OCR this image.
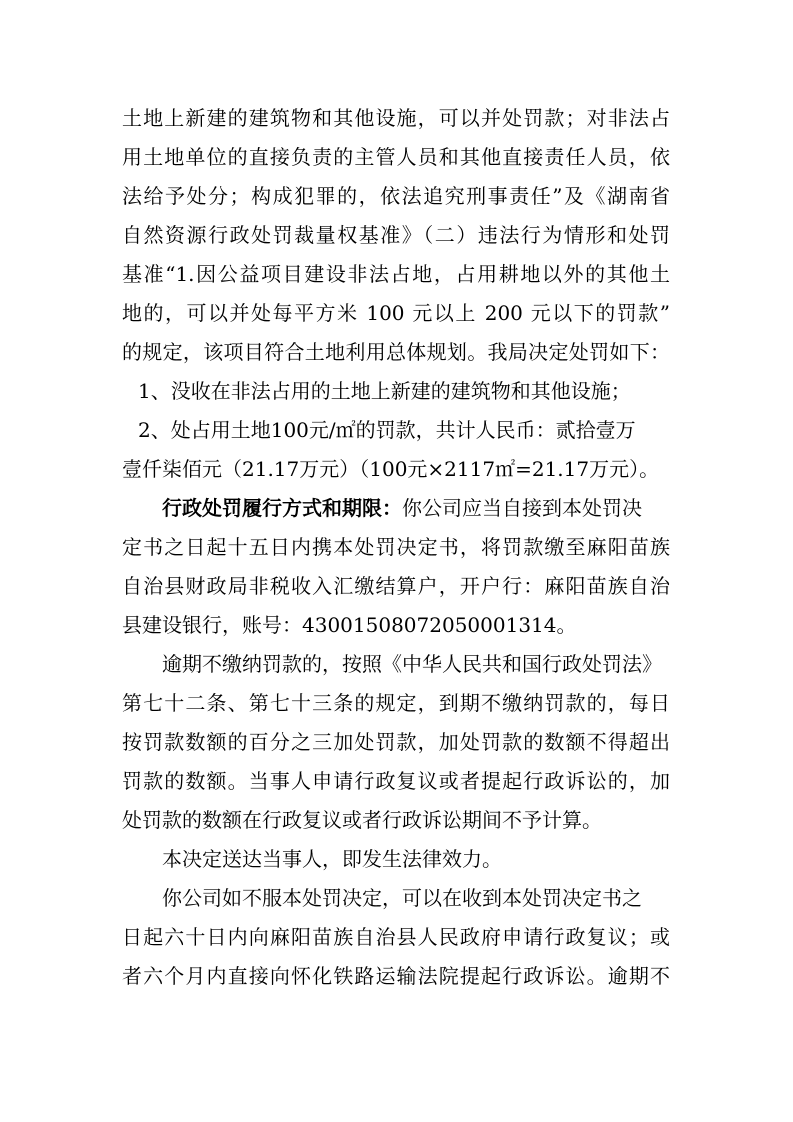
土地上新建的建筑物和其他设施，可以并处罚款；对非法占

用土地单位的直接负责的主管人员和其他直接责任人员，依

法给予处分；构成犯罪的，依法追究刑事责任”及《湖南省

自然资源行政处罚裁量权基准》（二）违法行为情形和处罚

基准“1.因公益项目建设非法占地，占用耕地以外的其他土

地的，可以并处每平方米 100 元以上 200 元以下的罚款”

的规定，该项目符合土地利用总体规划。我局决定处罚如下：

1、没收在非法占用的土地上新建的建筑物和其他设施；

2、处占用土地100元/㎡的罚款，共计人民币：贰拾壹万

壹仟柒佰元（21.17万元）（100元×2117㎡=21.17万元）。

行政处罚履行方式和期限：你公司应当自接到本处罚决

定书之日起十五日内携本处罚决定书，将罚款缴至麻阳苗族

自治县财政局非税收入汇缴结算户，开户行：麻阳苗族自治

县建设银行，账号：43001508072050001314。

逾期不缴纳罚款的，按照《中华人民共和国行政处罚法》

第七十二条、第七十三条的规定，到期不缴纳罚款的，每日

按罚款数额的百分之三加处罚款，加处罚款的数额不得超出

罚款的数额。当事人申请行政复议或者提起行政诉讼的，加

处罚款的数额在行政复议或者行政诉讼期间不予计算。

本决定送达当事人，即发生法律效力。

你公司如不服本处罚决定，可以在收到本处罚决定书之

日起六十日内向麻阳苗族自治县人民政府申请行政复议；或

者六个月内直接向怀化铁路运输法院提起行政诉讼。逾期不
